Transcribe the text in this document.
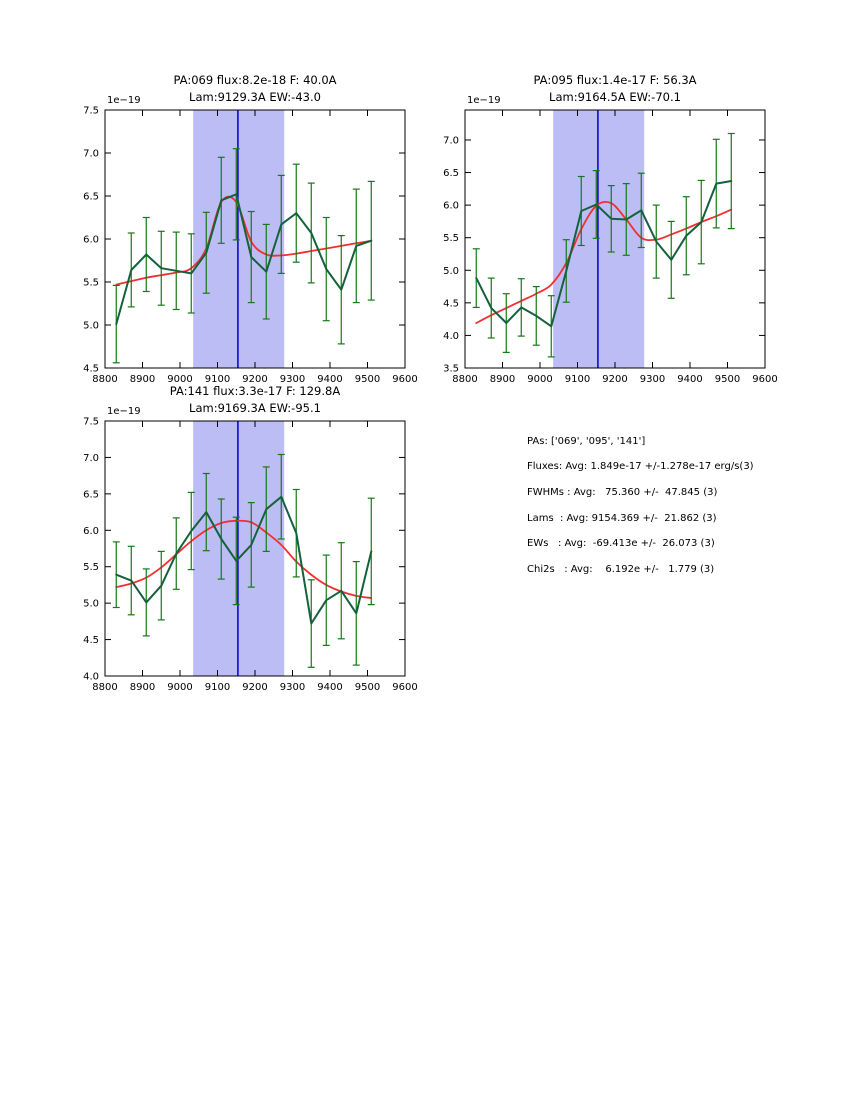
8800 8900 9000 9100 9200 9300 9400 9500 9600
4.5
5.0
5.5
6.0
6.5
7.0
7.5
8800 8900 9000 9100 9200 9300 9400 9500 9600
3.5
4.0
4.5
5.0
5.5
6.0
6.5
7.0
8800 8900 9000 9100 9200 9300 9400 9500 9600
4.0
4.5
5.0
5.5
6.0
6.5
7.0
7.5
PA:069 flux:8.2e-18 F: 40.0A
Lam:9129.3A EW:-43.0
1e−19
PA:095 flux:1.4e-17 F: 56.3A
Lam:9164.5A EW:-70.1
1e−19
PA:141 flux:3.3e-17 F: 129.8A
Lam:9169.3A EW:-95.1
1e−19
PAs: ['069', '095', '141']
Fluxes: Avg: 1.849e-17 +/-1.278e-17 erg/s(3)
FWHMs : Avg:   75.360 +/-  47.845 (3)
Lams  : Avg: 9154.369 +/-  21.862 (3)
EWs   : Avg:  -69.413e +/-  26.073 (3)
Chi2s   : Avg:    6.192e +/-   1.779 (3)
